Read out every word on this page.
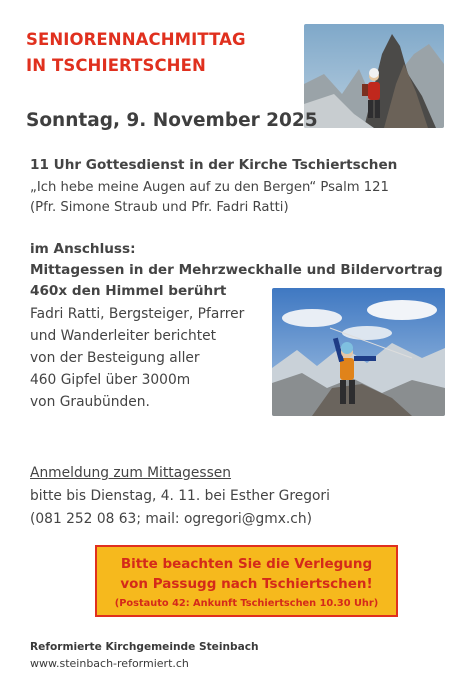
SENIORENNACHMITTAG
IN TSCHIERTSCHEN
Sonntag, 9. November 2025
11 Uhr Gottesdienst in der Kirche Tschiertschen
„Ich hebe meine Augen auf zu den Bergen“ Psalm 121
(Pfr. Simone Straub und Pfr. Fadri Ratti)
im Anschluss:
Mittagessen in der Mehrzweckhalle und Bildervortrag
460x den Himmel berührt
Fadri Ratti, Bergsteiger, Pfarrer
und Wanderleiter berichtet
von der Besteigung aller
460 Gipfel über 3000m
von Graubünden.
Anmeldung zum Mittagessen
bitte bis Dienstag, 4. 11. bei Esther Gregori
(081 252 08 63; mail: ogregori@gmx.ch)
Bitte beachten Sie die Verlegung
von Passugg nach Tschiertschen!
(Postauto 42: Ankunft Tschiertschen 10.30 Uhr)
Reformierte Kirchgemeinde Steinbach
www.steinbach-reformiert.ch
